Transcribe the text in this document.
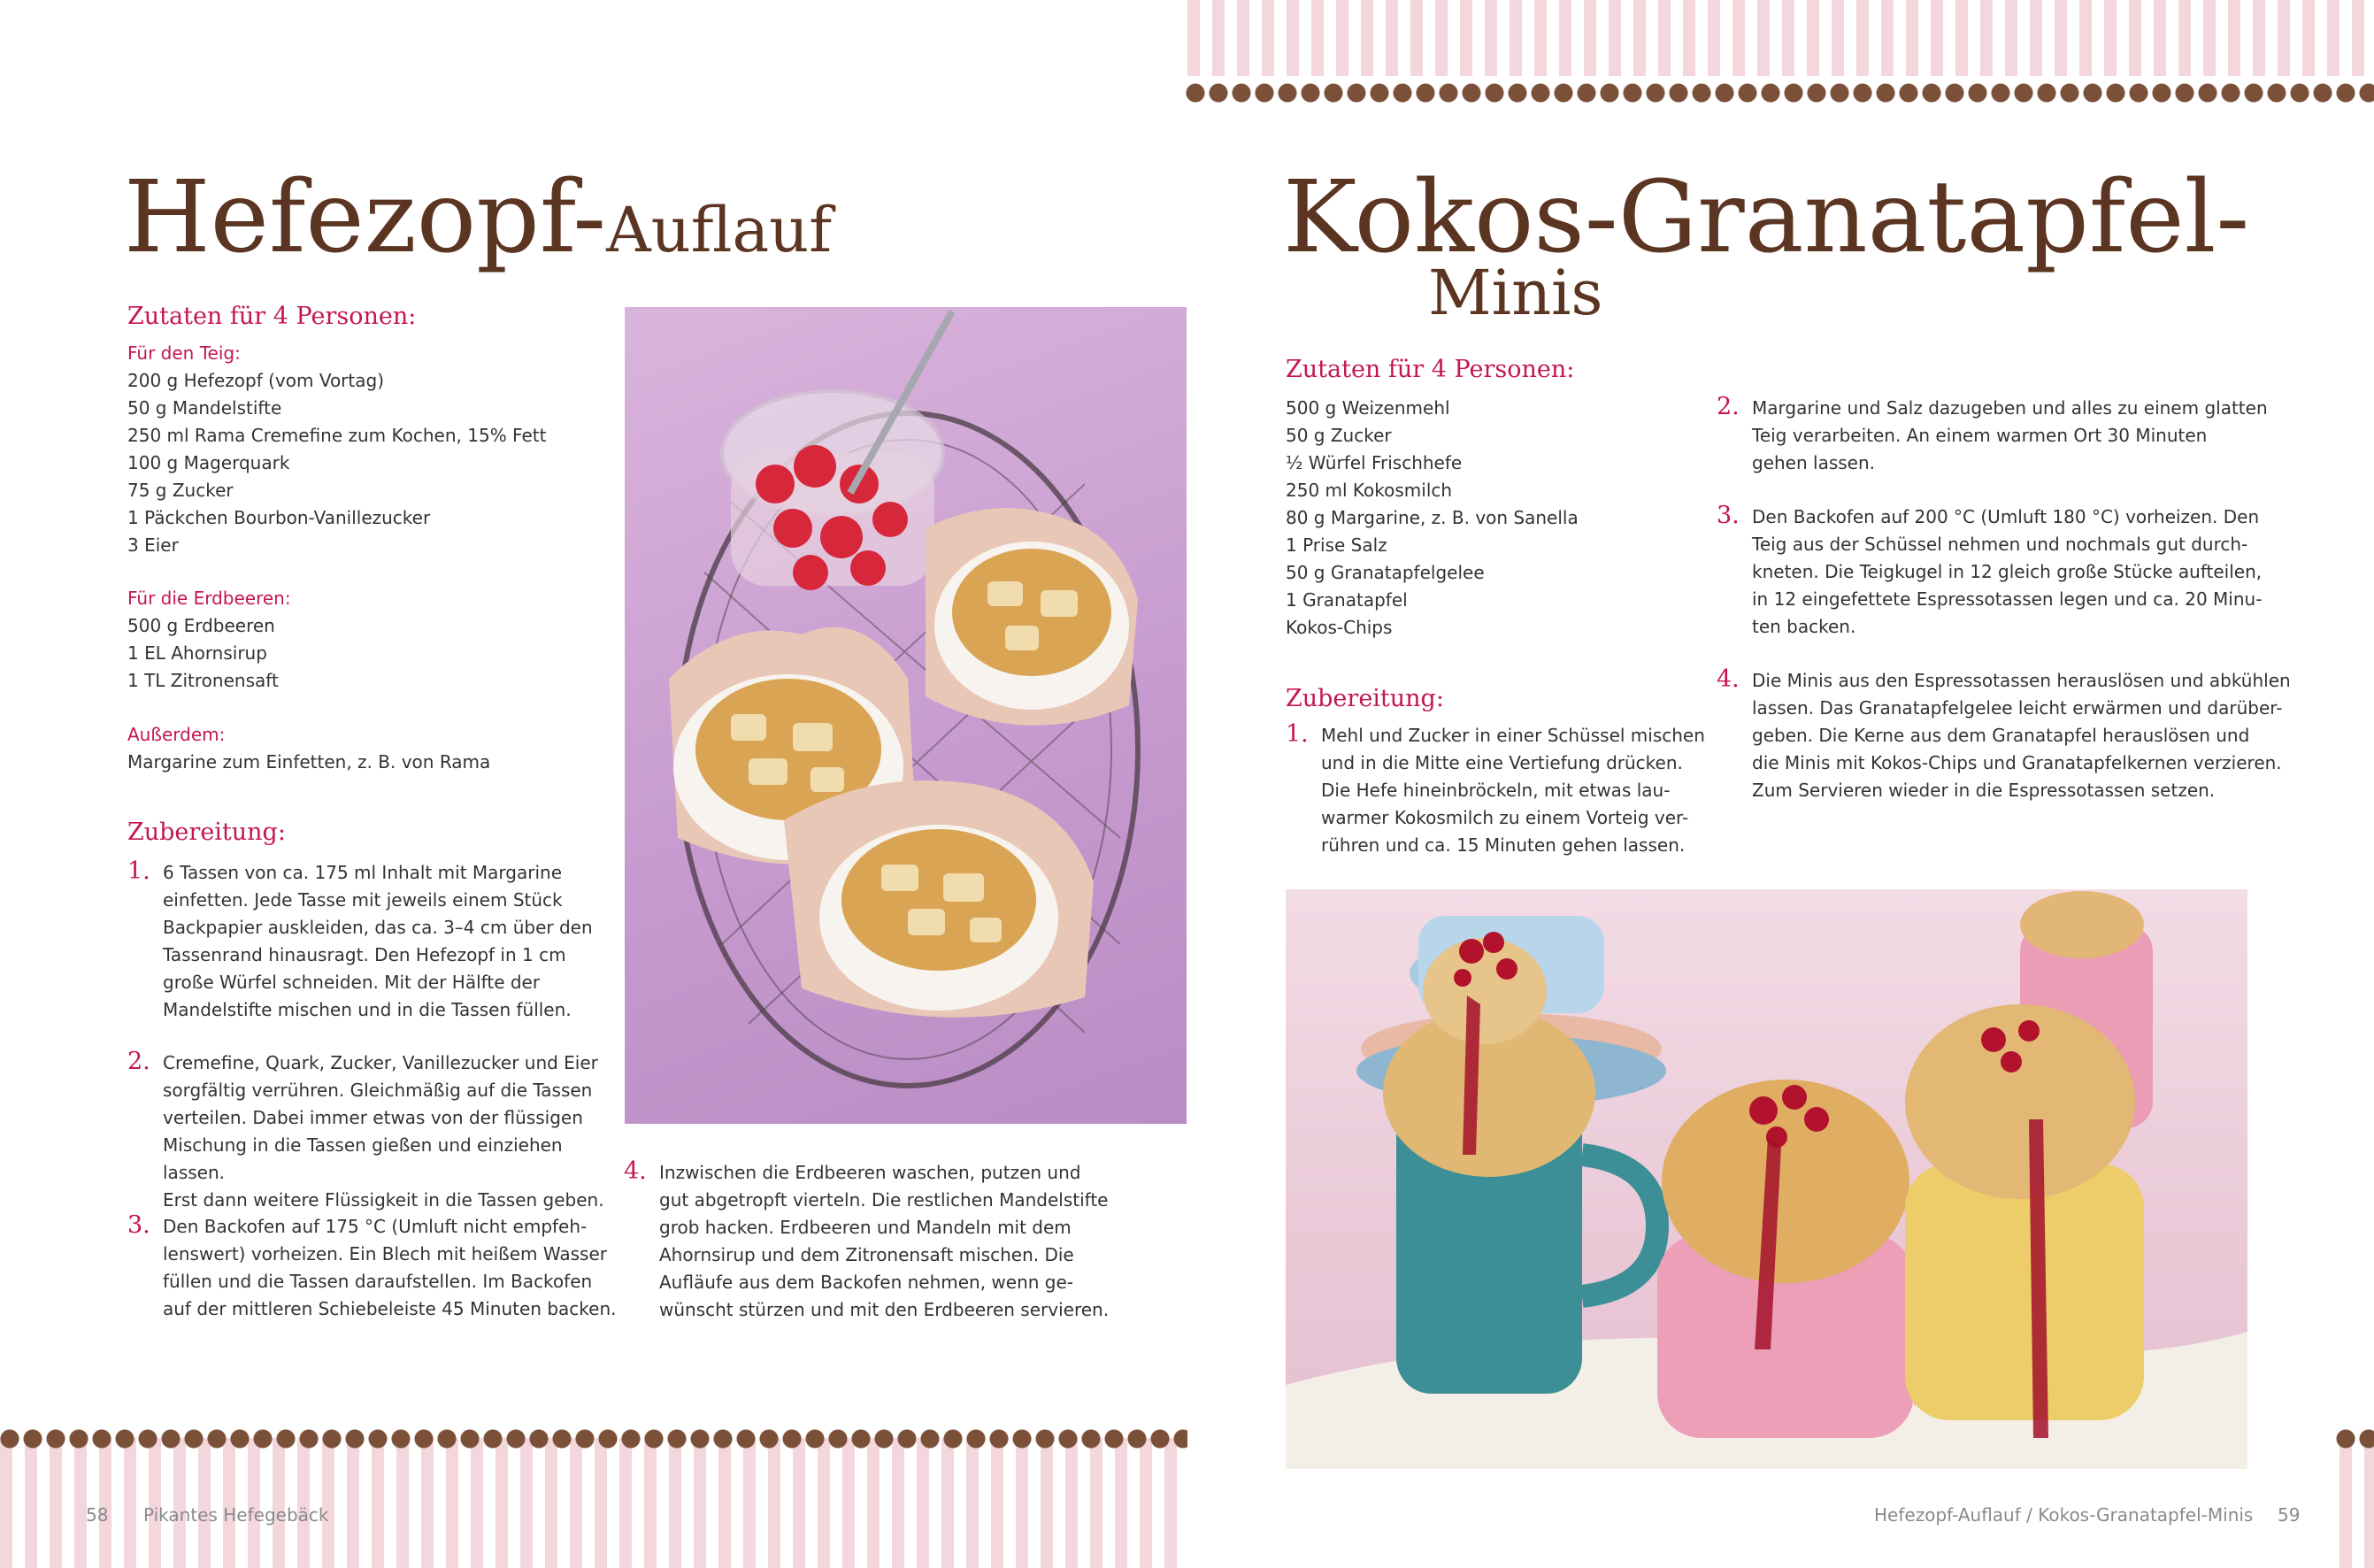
Hefezopf-Auflauf
Zutaten für 4 Personen:
Für den Teig:
200 g Hefezopf (vom Vortag)
50 g Mandelstifte
250 ml Rama Cremefine zum Kochen, 15% Fett
100 g Magerquark
75 g Zucker
1 Päckchen Bourbon-Vanillezucker
3 Eier
Für die Erdbeeren:
500 g Erdbeeren
1 EL Ahornsirup
1 TL Zitronensaft
Außerdem:
Margarine zum Einfetten, z. B. von Rama
Zubereitung:
1. 6 Tassen von ca. 175 ml Inhalt mit Margarine
einfetten. Jede Tasse mit jeweils einem Stück
Backpapier auskleiden, das ca. 3–4 cm über den
Tassenrand hinausragt. Den Hefezopf in 1 cm
große Würfel schneiden. Mit der Hälfte der
Mandelstifte mischen und in die Tassen füllen.
2. Cremefine, Quark, Zucker, Vanillezucker und Eier
sorgfältig verrühren. Gleichmäßig auf die Tassen
verteilen. Dabei immer etwas von der flüssigen
Mischung in die Tassen gießen und einziehen lassen.
Erst dann weitere Flüssigkeit in die Tassen geben.
3. Den Backofen auf 175 °C (Umluft nicht empfeh-
lenswert) vorheizen. Ein Blech mit heißem Wasser
füllen und die Tassen daraufstellen. Im Backofen
auf der mittleren Schiebeleiste 45 Minuten backen.
4. Inzwischen die Erdbeeren waschen, putzen und
gut abgetropft vierteln. Die restlichen Mandelstifte
grob hacken. Erdbeeren und Mandeln mit dem
Ahornsirup und dem Zitronensaft mischen. Die
Aufläufe aus dem Backofen nehmen, wenn ge-
wünscht stürzen und mit den Erdbeeren servieren.
58 Pikantes Hefegebäck
Kokos-Granatapfel-
Minis
Zutaten für 4 Personen:
500 g Weizenmehl
50 g Zucker
½ Würfel Frischhefe
250 ml Kokosmilch
80 g Margarine, z. B. von Sanella
1 Prise Salz
50 g Granatapfelgelee
1 Granatapfel
Kokos-Chips
Zubereitung:
1. Mehl und Zucker in einer Schüssel mischen
und in die Mitte eine Vertiefung drücken.
Die Hefe hineinbröckeln, mit etwas lau-
warmer Kokosmilch zu einem Vorteig ver-
rühren und ca. 15 Minuten gehen lassen.
2. Margarine und Salz dazugeben und alles zu einem glatten
Teig verarbeiten. An einem warmen Ort 30 Minuten
gehen lassen.
3. Den Backofen auf 200 °C (Umluft 180 °C) vorheizen. Den
Teig aus der Schüssel nehmen und nochmals gut durch-
kneten. Die Teigkugel in 12 gleich große Stücke aufteilen,
in 12 eingefettete Espressotassen legen und ca. 20 Minu-
ten backen.
4. Die Minis aus den Espressotassen herauslösen und abkühlen
lassen. Das Granatapfelgelee leicht erwärmen und darüber-
geben. Die Kerne aus dem Granatapfel herauslösen und
die Minis mit Kokos-Chips und Granatapfelkernen verzieren.
Zum Servieren wieder in die Espressotassen setzen.
Hefezopf-Auflauf / Kokos-Granatapfel-Minis 59
